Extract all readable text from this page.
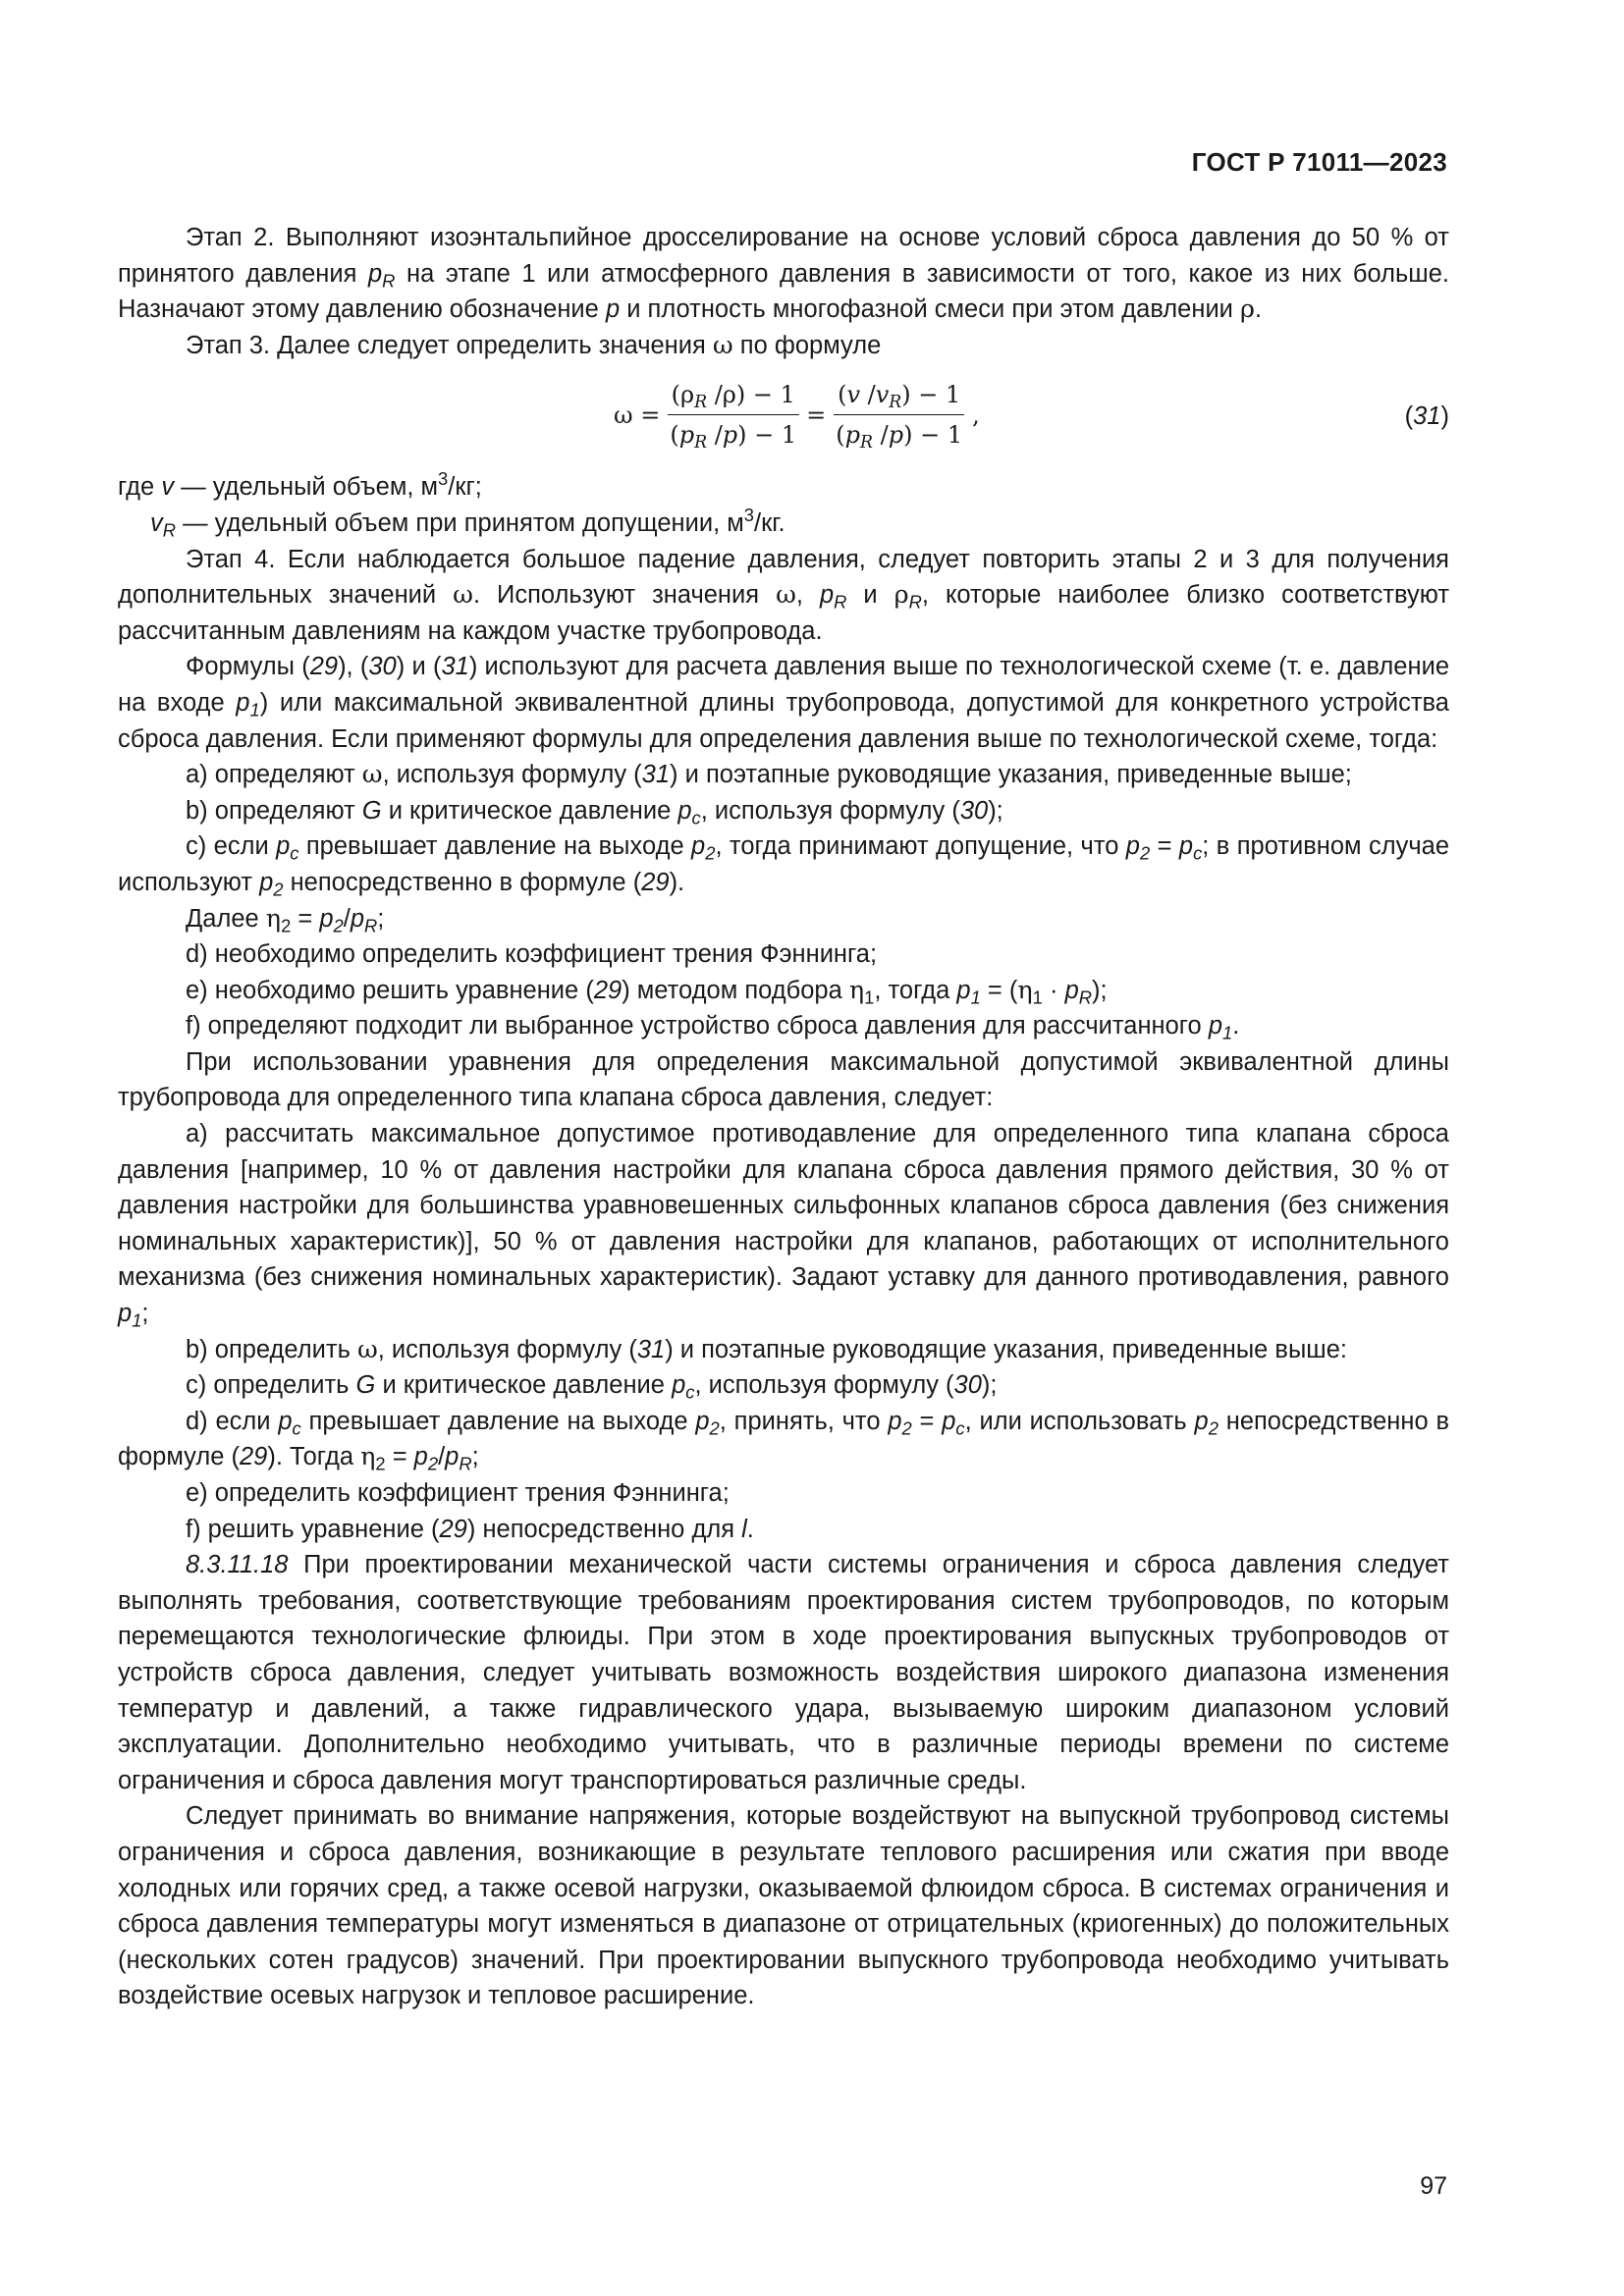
ГОСТ Р 71011—2023

Этап 2. Выполняют изоэнтальпийное дросселирование на основе условий сброса давления до 50 % от принятого давления $p_R$ на этапе 1 или атмосферного давления в зависимости от того, какое из них больше. Назначают этому давлению обозначение p и плотность многофазной смеси при этом давлении ρ.

Этап 3. Далее следует определить значения ω по формуле

$\omega = \frac{(\rho_R /\rho) - 1}{(p_R /p) - 1} = \frac{(v /v_R) - 1}{(p_R /p) - 1}$ ,	(31)

где v — удельный объем, $м^3/кг$;

$v_R$ — удельный объем при принятом допущении, $м^3/кг$.

Этап 4. Если наблюдается большое падение давления, следует повторить этапы 2 и 3 для получения дополнительных значений ω. Используют значения ω, $p_R$ и $\rho_R$, которые наиболее близко соответствуют рассчитанным давлениям на каждом участке трубопровода.

Формулы (29), (30) и (31) используют для расчета давления выше по технологической схеме (т. е. давление на входе $p_1$) или максимальной эквивалентной длины трубопровода, допустимой для конкретного устройства сброса давления. Если применяют формулы для определения давления выше по технологической схеме, тогда:

a) определяют ω, используя формулу (31) и поэтапные руководящие указания, приведенные выше;

b) определяют G и критическое давление $p_c$, используя формулу (30);

c) если $p_c$ превышает давление на выходе $p_2$, тогда принимают допущение, что $p_2 = p_c$; в противном случае используют $p_2$ непосредственно в формуле (29).

Далее $\eta_2 = p_2/p_R$;

d) необходимо определить коэффициент трения Фэннинга;

e) необходимо решить уравнение (29) методом подбора $\eta_1$, тогда $p_1 = (\eta_1 \cdot p_R)$;

f) определяют подходит ли выбранное устройство сброса давления для рассчитанного $p_1$.

При использовании уравнения для определения максимальной допустимой эквивалентной длины трубопровода для определенного типа клапана сброса давления, следует:

a) рассчитать максимальное допустимое противодавление для определенного типа клапана сброса давления [например, 10 % от давления настройки для клапана сброса давления прямого действия, 30 % от давления настройки для большинства уравновешенных сильфонных клапанов сброса давления (без снижения номинальных характеристик)], 50 % от давления настройки для клапанов, работающих от исполнительного механизма (без снижения номинальных характеристик). Задают уставку для данного противодавления, равного $p_1$;

b) определить ω, используя формулу (31) и поэтапные руководящие указания, приведенные выше:

c) определить G и критическое давление $p_c$, используя формулу (30);

d) если $p_c$ превышает давление на выходе $p_2$, принять, что $p_2 = p_c$, или использовать $p_2$ непосредственно в формуле (29). Тогда $\eta_2 = p_2/p_R$;

e) определить коэффициент трения Фэннинга;

f) решить уравнение (29) непосредственно для l.

8.3.11.18 При проектировании механической части системы ограничения и сброса давления следует выполнять требования, соответствующие требованиям проектирования систем трубопроводов, по которым перемещаются технологические флюиды. При этом в ходе проектирования выпускных трубопроводов от устройств сброса давления, следует учитывать возможность воздействия широкого диапазона изменения температур и давлений, а также гидравлического удара, вызываемую широким диапазоном условий эксплуатации. Дополнительно необходимо учитывать, что в различные периоды времени по системе ограничения и сброса давления могут транспортироваться различные среды.

Следует принимать во внимание напряжения, которые воздействуют на выпускной трубопровод системы ограничения и сброса давления, возникающие в результате теплового расширения или сжатия при вводе холодных или горячих сред, а также осевой нагрузки, оказываемой флюидом сброса. В системах ограничения и сброса давления температуры могут изменяться в диапазоне от отрицательных (криогенных) до положительных (нескольких сотен градусов) значений. При проектировании выпускного трубопровода необходимо учитывать воздействие осевых нагрузок и тепловое расширение.

97
